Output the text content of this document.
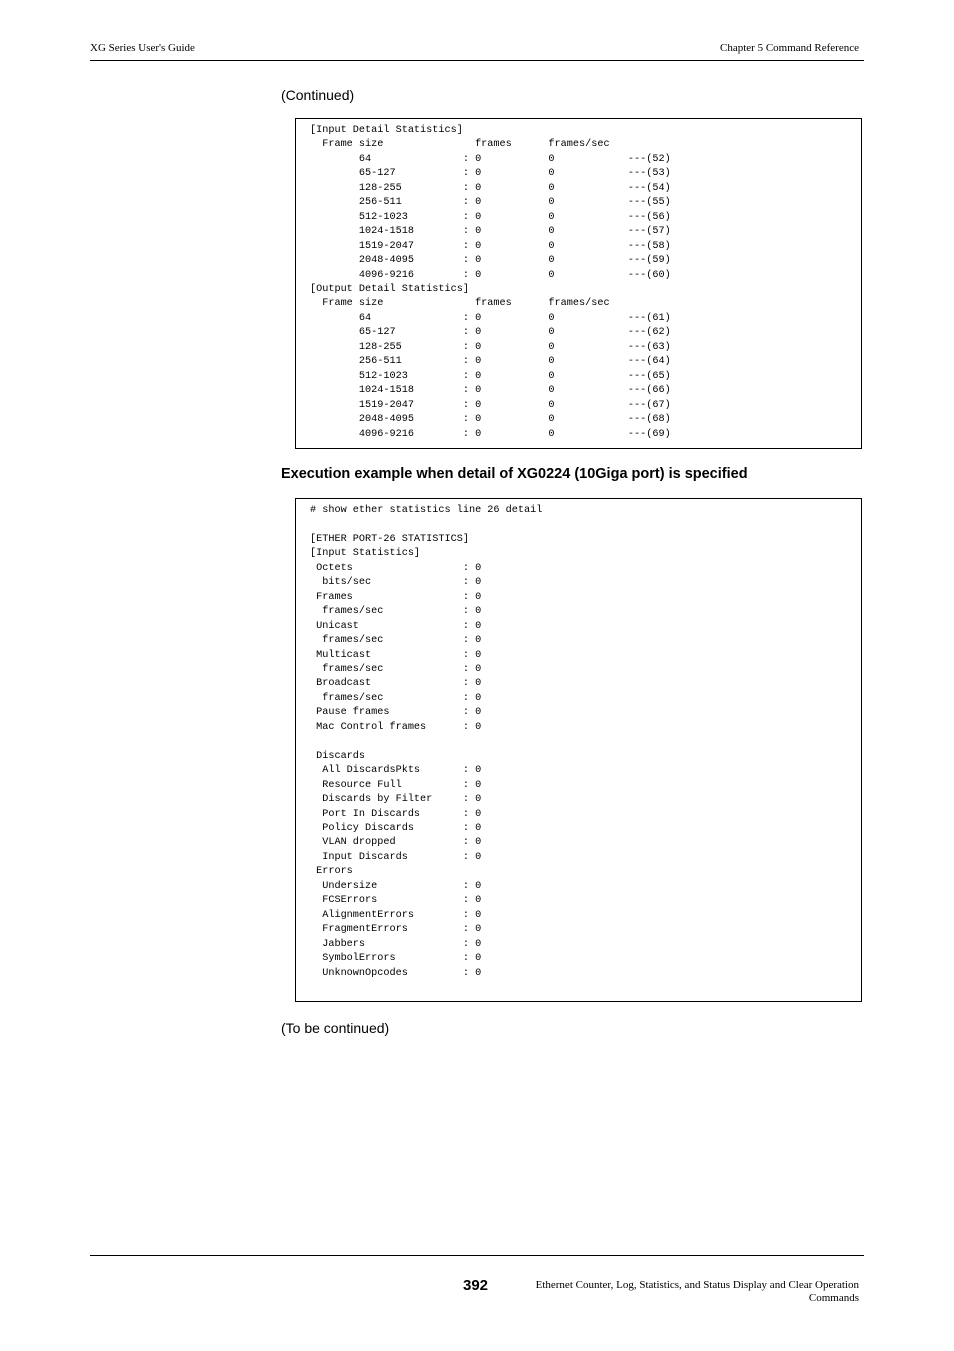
XG Series User's Guide	Chapter 5 Command Reference
(Continued)
[Input Detail Statistics]
Frame size               frames      frames/sec
64               : 0           0            ---(52)
65-127           : 0           0            ---(53)
128-255          : 0           0            ---(54)
256-511          : 0           0            ---(55)
512-1023         : 0           0            ---(56)
1024-1518        : 0           0            ---(57)
1519-2047        : 0           0            ---(58)
2048-4095        : 0           0            ---(59)
4096-9216        : 0           0            ---(60)
[Output Detail Statistics]
Frame size               frames      frames/sec
64               : 0           0            ---(61)
65-127           : 0           0            ---(62)
128-255          : 0           0            ---(63)
256-511          : 0           0            ---(64)
512-1023         : 0           0            ---(65)
1024-1518        : 0           0            ---(66)
1519-2047        : 0           0            ---(67)
2048-4095        : 0           0            ---(68)
4096-9216        : 0           0            ---(69)
Execution example when detail of XG0224 (10Giga port) is specified
# show ether statistics line 26 detail

[ETHER PORT-26 STATISTICS]
[Input Statistics]
Octets                  : 0
bits/sec               : 0
Frames                  : 0
frames/sec             : 0
Unicast                 : 0
frames/sec             : 0
Multicast               : 0
frames/sec             : 0
Broadcast               : 0
frames/sec             : 0
Pause frames            : 0
Mac Control frames      : 0

Discards
All DiscardsPkts       : 0
Resource Full          : 0
Discards by Filter     : 0
Port In Discards       : 0
Policy Discards        : 0
VLAN dropped           : 0
Input Discards         : 0
Errors
Undersize              : 0
FCSErrors              : 0
AlignmentErrors        : 0
FragmentErrors         : 0
Jabbers                : 0
SymbolErrors           : 0
UnknownOpcodes         : 0
(To be continued)
392	Ethernet Counter, Log, Statistics, and Status Display and Clear Operation
Commands
